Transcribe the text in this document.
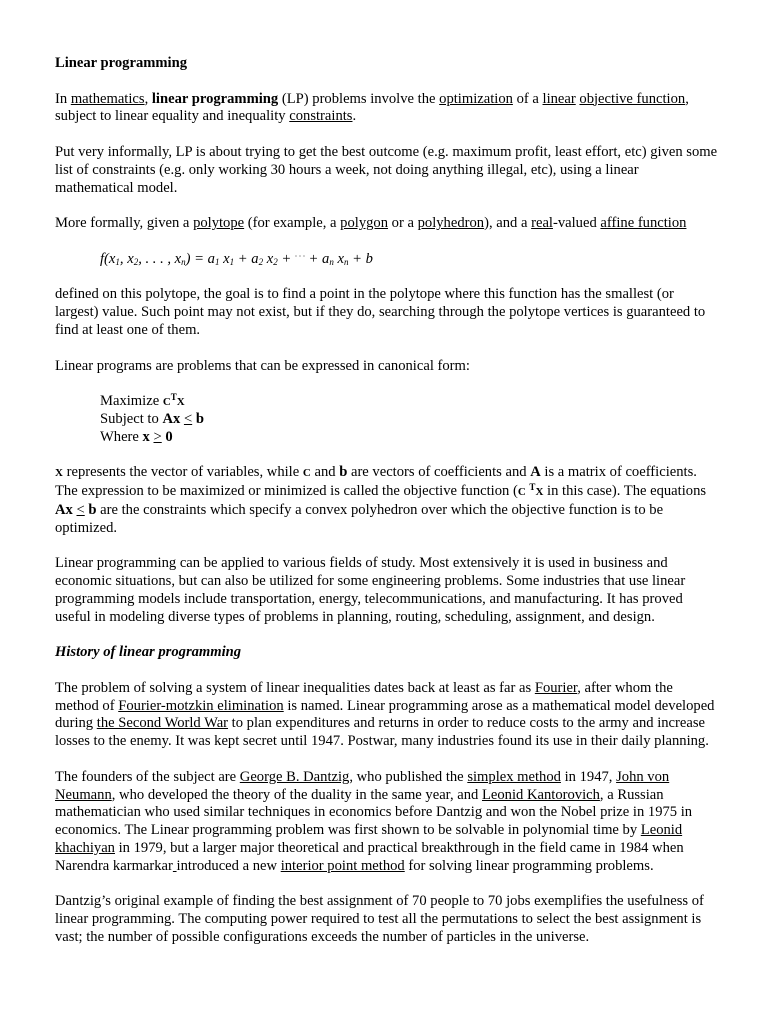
Linear programming

In mathematics, linear programming (LP) problems involve the optimization of a linear objective function, subject to linear equality and inequality constraints.

Put very informally, LP is about trying to get the best outcome (e.g. maximum profit, least effort, etc) given some list of constraints (e.g. only working 30 hours a week, not doing anything illegal, etc), using a linear mathematical model.

More formally, given a polytope (for example, a polygon or a polyhedron), and a real-valued affine function

$f(x_1$, $x_2$, . . . , $x_n) = a_1$ $x_1 + a_2$ $x_2 + ^{\cdot \cdot \cdot} + a_n$ $x_n + b$

defined on this polytope, the goal is to find a point in the polytope where this function has the smallest (or largest) value. Such point may not exist, but if they do, searching through the polytope vertices is guaranteed to find at least one of them.

Linear programs are problems that can be expressed in canonical form:

Maximize $C^TX$
Subject to Ax ≤ b
Where x ≥ 0

X represents the vector of variables, while C and b are vectors of coefficients and A is a matrix of coefficients. The expression to be maximized or minimized is called the objective function (C $^T$X in this case). The equations Ax ≤ b are the constraints which specify a convex polyhedron over which the objective function is to be optimized.

Linear programming can be applied to various fields of study. Most extensively it is used in business and economic situations, but can also be utilized for some engineering problems. Some industries that use linear programming models include transportation, energy, telecommunications, and manufacturing. It has proved useful in modeling diverse types of problems in planning, routing, scheduling, assignment, and design.

History of linear programming

The problem of solving a system of linear inequalities dates back at least as far as Fourier, after whom the method of Fourier-motzkin elimination is named. Linear programming arose as a mathematical model developed during the Second World War to plan expenditures and returns in order to reduce costs to the army and increase losses to the enemy. It was kept secret until 1947. Postwar, many industries found its use in their daily planning.

The founders of the subject are George B. Dantzig, who published the simplex method in 1947, John von Neumann, who developed the theory of the duality in the same year, and Leonid Kantorovich, a Russian mathematician who used similar techniques in economics before Dantzig and won the Nobel prize in 1975 in economics. The Linear programming problem was first shown to be solvable in polynomial time by Leonid khachiyan in 1979, but a larger major theoretical and practical breakthrough in the field came in 1984 when Narendra karmarkar introduced a new interior point method for solving linear programming problems.

Dantzig’s original example of finding the best assignment of 70 people to 70 jobs exemplifies the usefulness of linear programming. The computing power required to test all the permutations to select the best assignment is vast; the number of possible configurations exceeds the number of particles in the universe.
